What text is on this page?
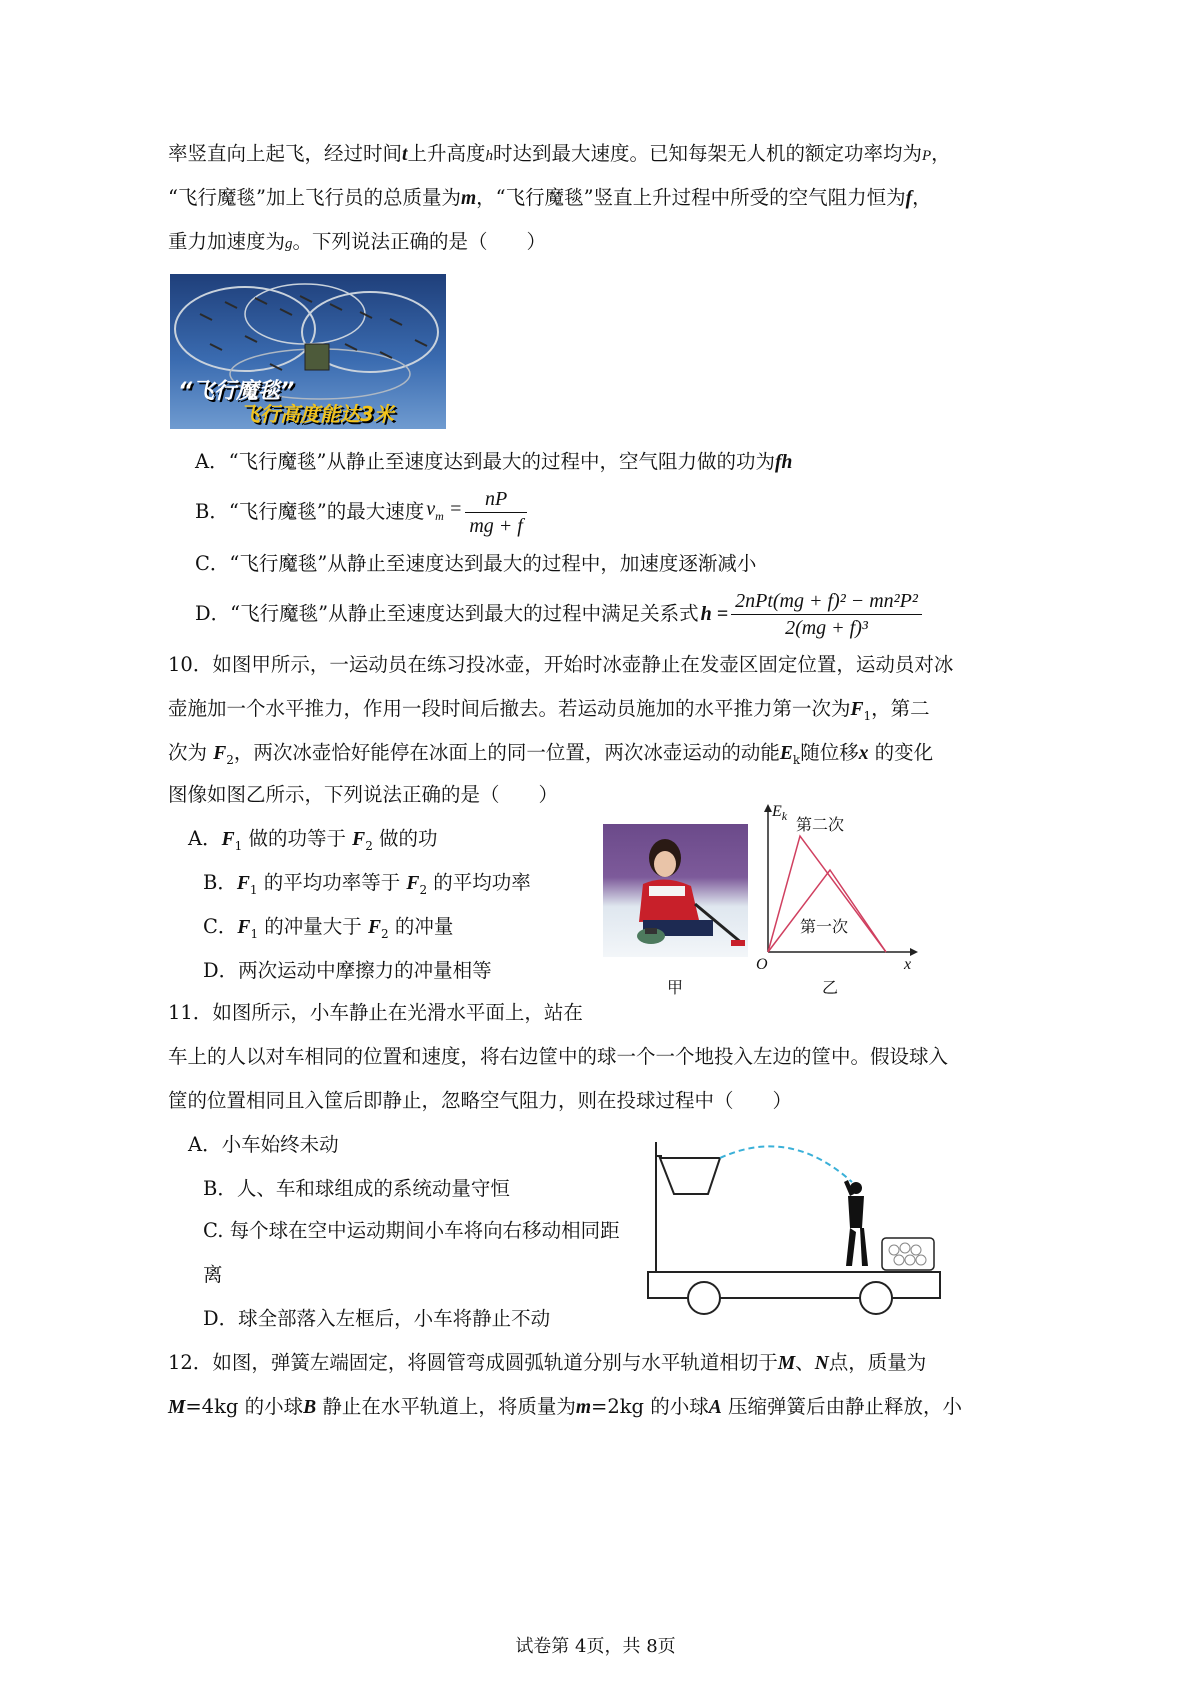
率竖直向上起飞，经过时间t上升高度h时达到最大速度。已知每架无人机的额定功率均为P，
“飞行魔毯”加上飞行员的总质量为m，“飞行魔毯”竖直上升过程中所受的空气阻力恒为f，
重力加速度为g。下列说法正确的是（　　）
“飞行魔毯”
飞行高度能达3米
A．“飞行魔毯”从静止至速度达到最大的过程中，空气阻力做的功为fh
B．“飞行魔毯”的最大速度 $v_m = \frac{nP}{mg + f}$
C．“飞行魔毯”从静止至速度达到最大的过程中，加速度逐渐减小
D．“飞行魔毯”从静止至速度达到最大的过程中满足关系式 $h = \frac{\text{2nPt(mg + f)² − mn²P²}}{\text{2(mg + f)³}}$
10．如图甲所示，一运动员在练习投冰壶，开始时冰壶静止在发壶区固定位置，运动员对冰
壶施加一个水平推力，作用一段时间后撤去。若运动员施加的水平推力第一次为$F_1$，第二
次为 $F_2$，两次冰壶恰好能停在冰面上的同一位置，两次冰壶运动的动能$E_k$随位移x 的变化
图像如图乙所示，下列说法正确的是（　　）
A．$F_1$ 做的功等于 $F_2$ 做的功
B．$F_1$ 的平均功率等于 $F_2$ 的平均功率
C．$F_1$ 的冲量大于 $F_2$ 的冲量
D．两次运动中摩擦力的冲量相等
甲
$E_k$ 第二次
第一次
O	x
乙
11．如图所示，小车静止在光滑水平面上，站在
车上的人以对车相同的位置和速度，将右边筐中的球一个一个地投入左边的筐中。假设球入
筐的位置相同且入筐后即静止，忽略空气阻力，则在投球过程中（　　）
A．小车始终未动
B．人、车和球组成的系统动量守恒
C. 每个球在空中运动期间小车将向右移动相同距
离
D．球全部落入左框后，小车将静止不动
12．如图，弹簧左端固定，将圆管弯成圆弧轨道分别与水平轨道相切于M、N点，质量为
M=4kg 的小球B 静止在水平轨道上，将质量为m=2kg 的小球A 压缩弹簧后由静止释放，小
试卷第 4页，共 8页
